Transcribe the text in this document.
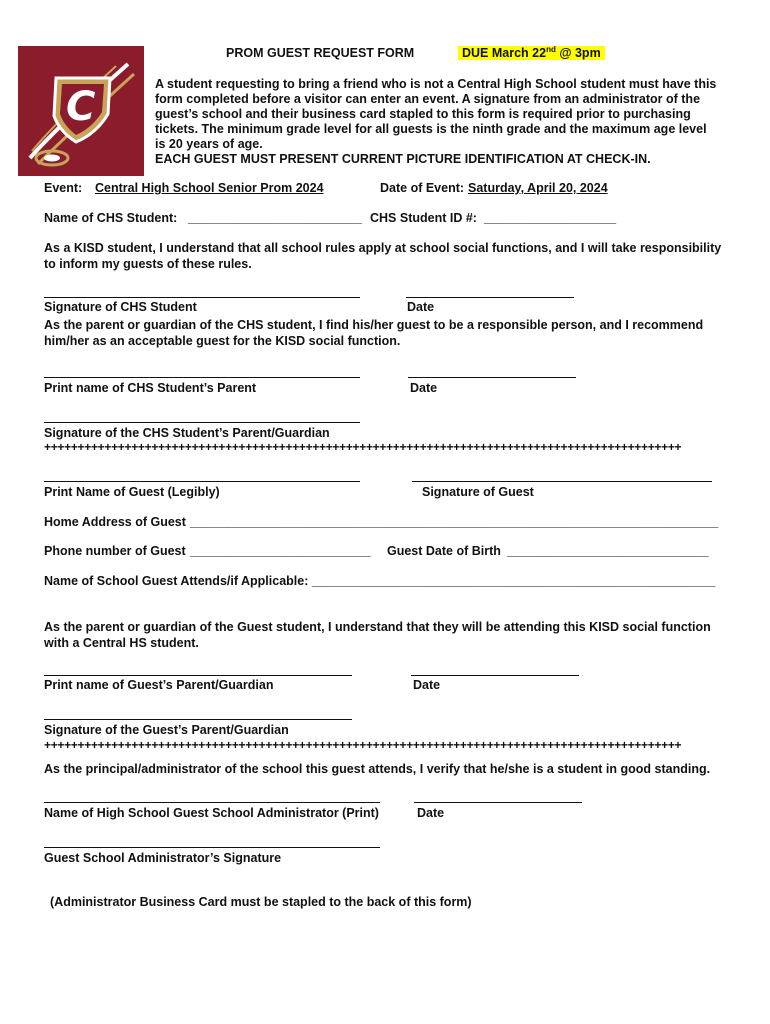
C
PROM GUEST REQUEST FORM	DUE March 22nd @ 3pm
A student requesting to bring a friend who is not a Central High School student must have this
form completed before a visitor can enter an event. A signature from an administrator of the
guest’s school and their business card stapled to this form is required prior to purchasing
tickets. The minimum grade level for all guests is the ninth grade and the maximum age level
is 20 years of age.
EACH GUEST MUST PRESENT CURRENT PICTURE IDENTIFICATION AT CHECK-IN.
Event: Central High School Senior Prom 2024	Date of Event: Saturday, April 20, 2024
Name of CHS Student: _________________________ CHS Student ID #: ___________________
As a KISD student, I understand that all school rules apply at school social functions, and I will take responsibility to inform my guests of these rules.
Signature of CHS Student	Date
As the parent or guardian of the CHS student, I find his/her guest to be a responsible person, and I recommend him/her as an acceptable guest for the KISD social function.
Print name of CHS Student’s Parent	Date
Signature of the CHS Student’s Parent/Guardian
+++++++++++++++++++++++++++++++++++++++++++++++++++++++++++++++++++++++++++++++++++++++++++++++
Print Name of Guest (Legibly)	Signature of Guest
Home Address of Guest ____________________________________________________________________________
Phone number of Guest __________________________ Guest Date of Birth _____________________________
Name of School Guest Attends/if Applicable: __________________________________________________________
As the parent or guardian of the Guest student, I understand that they will be attending this KISD social function with a Central HS student.
Print name of Guest’s Parent/Guardian	Date
Signature of the Guest’s Parent/Guardian
+++++++++++++++++++++++++++++++++++++++++++++++++++++++++++++++++++++++++++++++++++++++++++++++
As the principal/administrator of the school this guest attends, I verify that he/she is a student in good standing.
Name of High School Guest School Administrator (Print)	Date
Guest School Administrator’s Signature
(Administrator Business Card must be stapled to the back of this form)
